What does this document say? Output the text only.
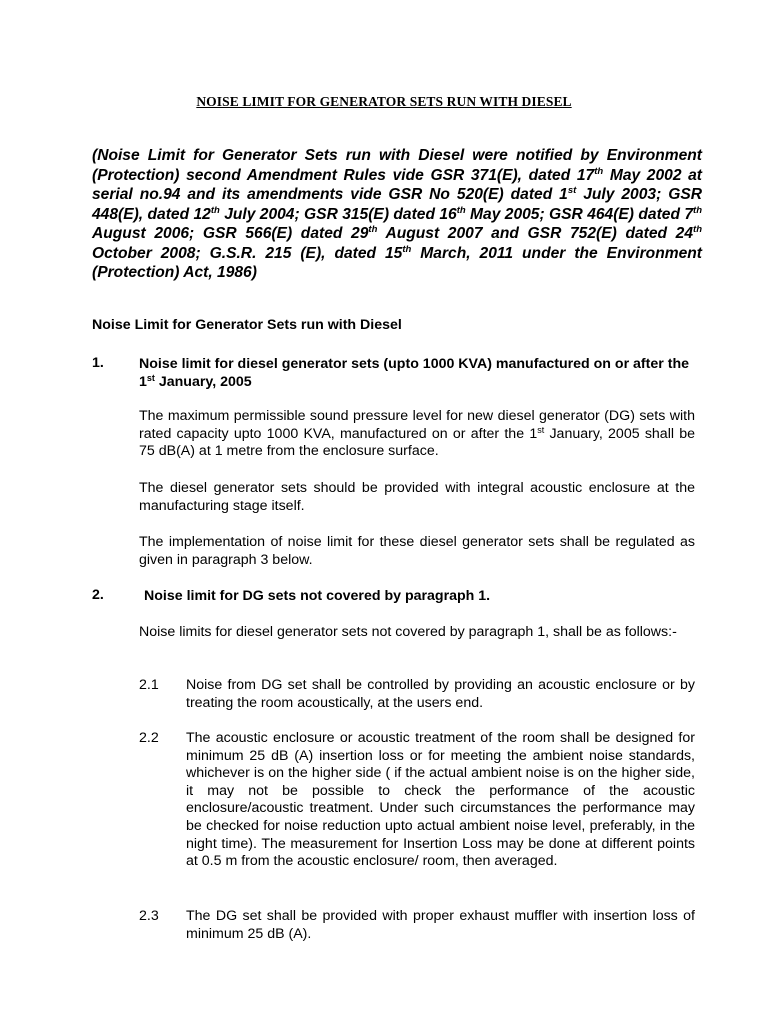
NOISE LIMIT FOR GENERATOR SETS RUN WITH DIESEL
(Noise Limit for Generator Sets run with Diesel were notified by Environment (Protection) second Amendment Rules vide GSR 371(E), dated 17th May 2002 at serial no.94 and its amendments vide GSR No 520(E) dated 1st July 2003; GSR 448(E), dated 12th July 2004; GSR 315(E) dated 16th May 2005; GSR 464(E) dated 7th August 2006; GSR 566(E) dated 29th August 2007 and GSR 752(E) dated 24th October 2008; G.S.R. 215 (E), dated 15th March, 2011 under the Environment (Protection) Act, 1986)
Noise Limit for Generator Sets run with Diesel
1. Noise limit for diesel generator sets (upto 1000 KVA) manufactured on or after the 1st January, 2005
The maximum permissible sound pressure level for new diesel generator (DG) sets with rated capacity upto 1000 KVA, manufactured on or after the 1st January, 2005 shall be 75 dB(A) at 1 metre from the enclosure surface.
The diesel generator sets should be provided with integral acoustic enclosure at the manufacturing stage itself.
The implementation of noise limit for these diesel generator sets shall be regulated as given in paragraph 3 below.
2.	Noise limit for DG sets not covered by paragraph 1.
Noise limits for diesel generator sets not covered by paragraph 1, shall be as follows:-
2.1 Noise from DG set shall be controlled by providing an acoustic enclosure or by treating the room acoustically, at the users end.
2.2 The acoustic enclosure or acoustic treatment of the room shall be designed for minimum 25 dB (A) insertion loss or for meeting the ambient noise standards, whichever is on the higher side ( if the actual ambient noise is on the higher side, it may not be possible to check the performance of the acoustic enclosure/acoustic treatment. Under such circumstances the performance may be checked for noise reduction upto actual ambient noise level, preferably, in the night time). The measurement for Insertion Loss may be done at different points at 0.5 m from the acoustic enclosure/ room, then averaged.
2.3 The DG set shall be provided with proper exhaust muffler with insertion loss of minimum 25 dB (A).
